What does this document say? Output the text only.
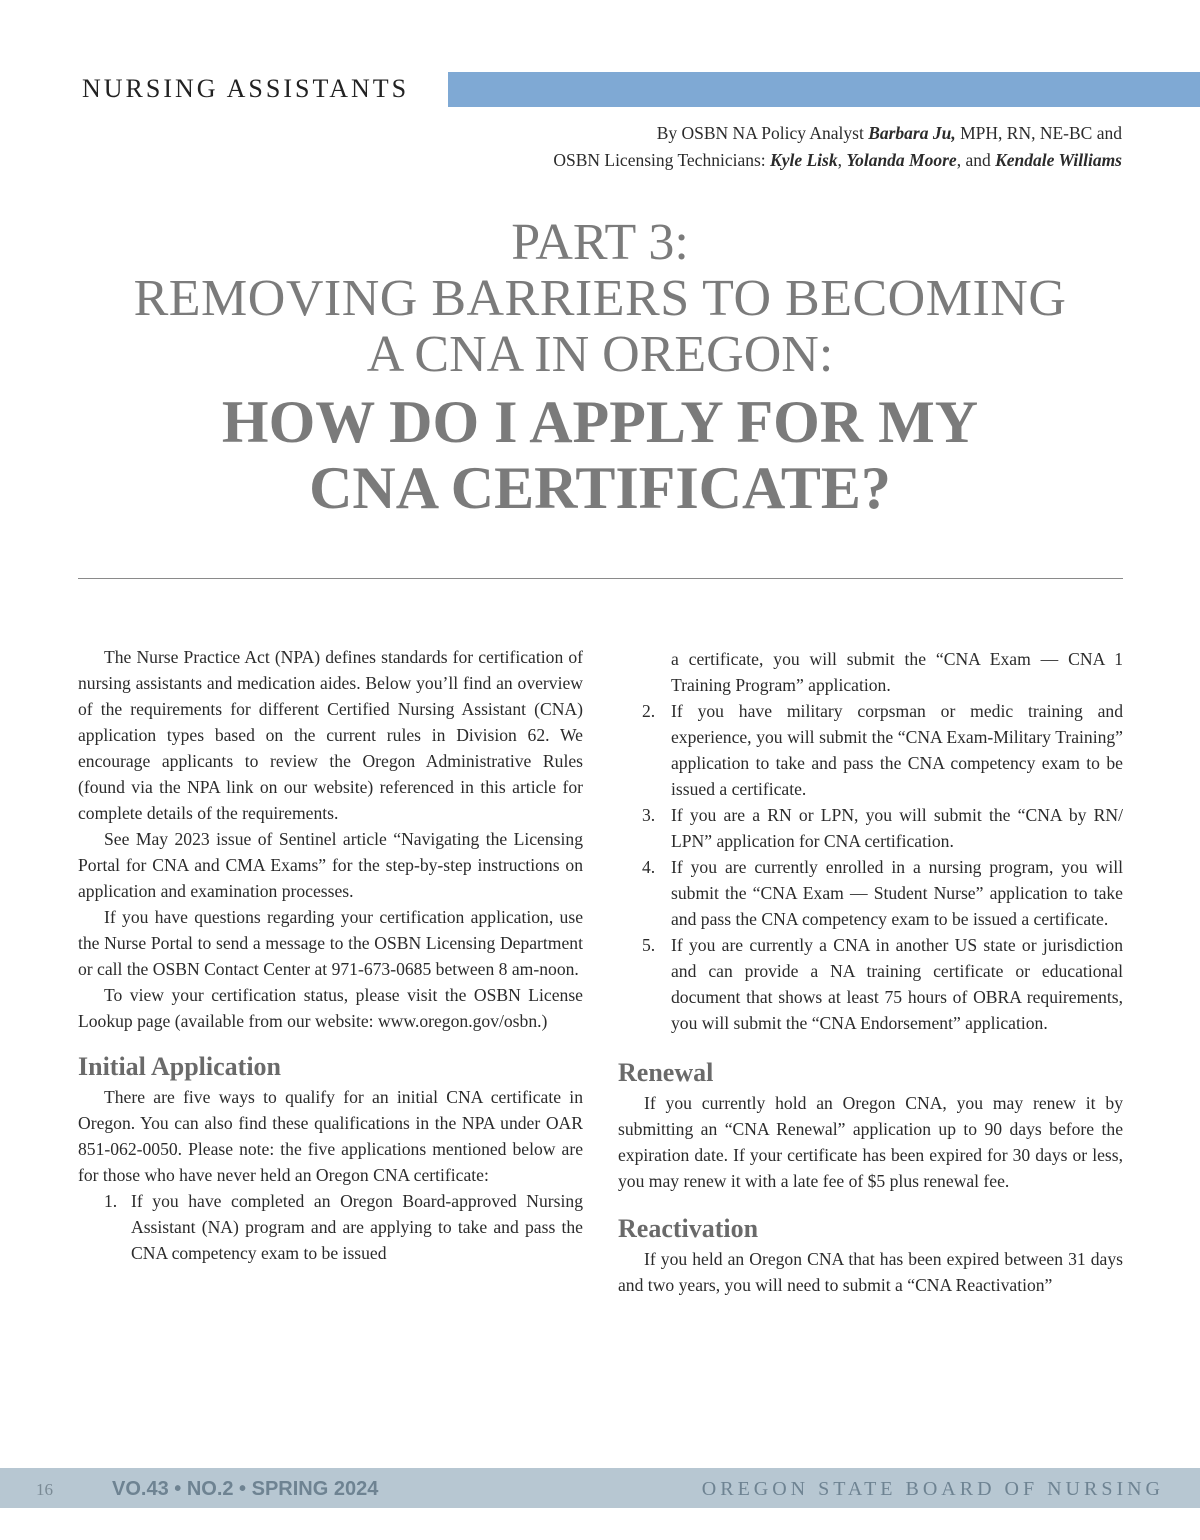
NURSING ASSISTANTS
By OSBN NA Policy Analyst Barbara Ju, MPH, RN, NE-BC and
OSBN Licensing Technicians: Kyle Lisk, Yolanda Moore, and Kendale Williams
PART 3:
REMOVING BARRIERS TO BECOMING
A CNA IN OREGON:
HOW DO I APPLY FOR MY
CNA CERTIFICATE?

The Nurse Practice Act (NPA) defines standards for certification of nursing assistants and medication aides. Below you’ll find an overview of the requirements for different Certified Nursing Assistant (CNA) application types based on the current rules in Division 62. We encourage applicants to review the Oregon Administrative Rules (found via the NPA link on our website) referenced in this article for complete details of the requirements.

See May 2023 issue of Sentinel article “Navigating the Licensing Portal for CNA and CMA Exams” for the step-by-step instructions on application and examination processes.

If you have questions regarding your certification application, use the Nurse Portal to send a message to the OSBN Licensing Department or call the OSBN Contact Center at 971-673-0685 between 8 am-noon.

To view your certification status, please visit the OSBN License Lookup page (available from our website: www.oregon.gov/osbn.)

Initial Application

There are five ways to qualify for an initial CNA certificate in Oregon. You can also find these qualifications in the NPA under OAR 851-062-0050. Please note: the five applications mentioned below are for those who have never held an Oregon CNA certificate:

1. If you have completed an Oregon Board-approved Nursing Assistant (NA) program and are applying to take and pass the CNA competency exam to be issued

a certificate, you will submit the “CNA Exam — CNA 1 Training Program” application.

2. If you have military corpsman or medic training and experience, you will submit the “CNA Exam-Military Training” application to take and pass the CNA competency exam to be issued a certificate.
3. If you are a RN or LPN, you will submit the “CNA by RN/ LPN” application for CNA certification.
4. If you are currently enrolled in a nursing program, you will submit the “CNA Exam — Student Nurse” application to take and pass the CNA competency exam to be issued a certificate.
5. If you are currently a CNA in another US state or jurisdiction and can provide a NA training certificate or educational document that shows at least 75 hours of OBRA requirements, you will submit the “CNA Endorsement” application.
Renewal

If you currently hold an Oregon CNA, you may renew it by submitting an “CNA Renewal” application up to 90 days before the expiration date. If your certificate has been expired for 30 days or less, you may renew it with a late fee of $5 plus renewal fee.

Reactivation

If you held an Oregon CNA that has been expired between 31 days and two years, you will need to submit a “CNA Reactivation”

16	VO.43 • NO.2 • SPRING 2024	OREGON STATE BOARD OF NURSING
